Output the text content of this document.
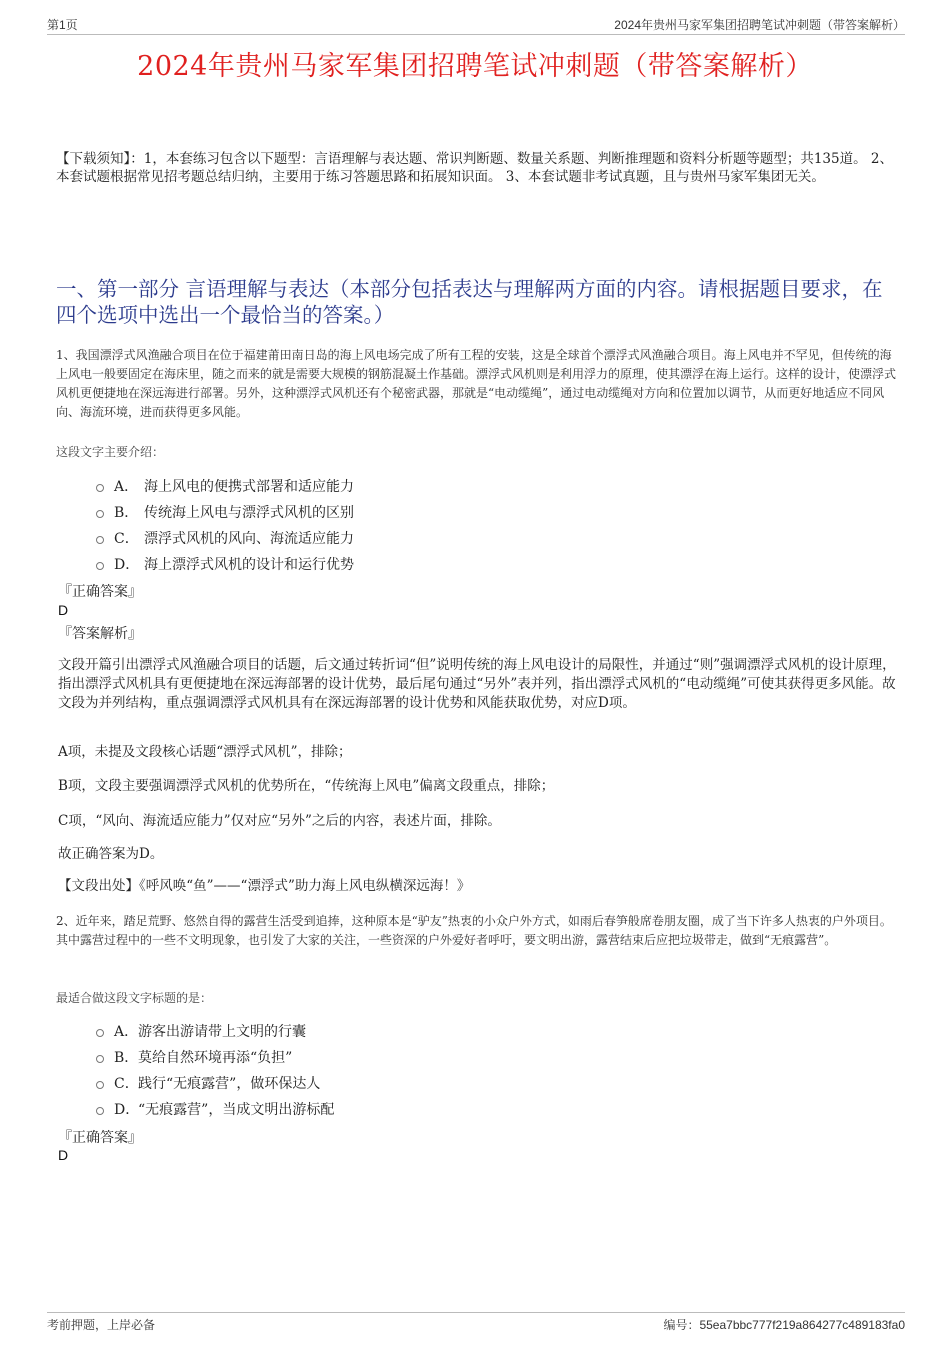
第1页	2024年贵州马家军集团招聘笔试冲刺题（带答案解析）
2024年贵州马家军集团招聘笔试冲刺题（带答案解析）
【下载须知】：1，本套练习包含以下题型：言语理解与表达题、常识判断题、数量关系题、判断推理题和资料分析题等题型；共135道。 2、本套试题根据常见招考题总结归纳，主要用于练习答题思路和拓展知识面。 3、本套试题非考试真题，且与贵州马家军集团无关。
一、第一部分 言语理解与表达（本部分包括表达与理解两方面的内容。请根据题目要求，在四个选项中选出一个最恰当的答案。）
1、我国漂浮式风渔融合项目在位于福建莆田南日岛的海上风电场完成了所有工程的安装，这是全球首个漂浮式风渔融合项目。海上风电并不罕见，但传统的海上风电一般要固定在海床里，随之而来的就是需要大规模的钢筋混凝土作基础。漂浮式风机则是利用浮力的原理，使其漂浮在海上运行。这样的设计，使漂浮式风机更便捷地在深远海进行部署。另外，这种漂浮式风机还有个秘密武器，那就是“电动缆绳”，通过电动缆绳对方向和位置加以调节，从而更好地适应不同风向、海流环境，进而获得更多风能。
这段文字主要介绍：
A． 海上风电的便携式部署和适应能力
B． 传统海上风电与漂浮式风机的区别
C． 漂浮式风机的风向、海流适应能力
D． 海上漂浮式风机的设计和运行优势
『正确答案』
D
『答案解析』
文段开篇引出漂浮式风渔融合项目的话题，后文通过转折词“但”说明传统的海上风电设计的局限性，并通过“则”强调漂浮式风机的设计原理，指出漂浮式风机具有更便捷地在深远海部署的设计优势，最后尾句通过“另外”表并列，指出漂浮式风机的“电动缆绳”可使其获得更多风能。故文段为并列结构，重点强调漂浮式风机具有在深远海部署的设计优势和风能获取优势，对应D项。
A项，未提及文段核心话题“漂浮式风机”，排除；
B项，文段主要强调漂浮式风机的优势所在，“传统海上风电”偏离文段重点，排除；
C项，“风向、海流适应能力”仅对应“另外”之后的内容，表述片面，排除。
故正确答案为D。
【文段出处】《呼风唤“鱼”——“漂浮式”助力海上风电纵横深远海！》
2、近年来，踏足荒野、悠然自得的露营生活受到追捧，这种原本是“驴友”热衷的小众户外方式，如雨后春笋般席卷朋友圈，成了当下许多人热衷的户外项目。其中露营过程中的一些不文明现象，也引发了大家的关注，一些资深的户外爱好者呼吁，要文明出游，露营结束后应把垃圾带走，做到“无痕露营”。
最适合做这段文字标题的是：
A． 游客出游请带上文明的行囊
B． 莫给自然环境再添“负担”
C． 践行“无痕露营”，做环保达人
D．
“无痕露营”，当成文明出游标配
『正确答案』
D
考前押题，上岸必备	编号：55ea7bbc777f219a864277c489183fa0
